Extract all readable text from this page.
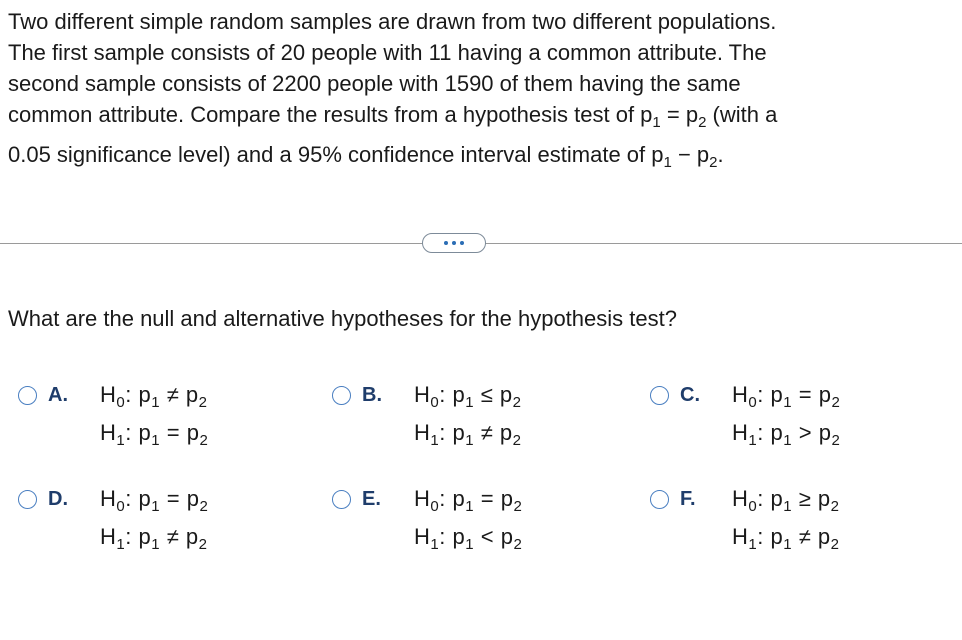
Two different simple random samples are drawn from two different populations.
The first sample consists of 20 people with 11 having a common attribute. The
second sample consists of 2200 people with 1590 of them having the same
common attribute. Compare the results from a hypothesis test of $p_1 = p_2$ (with a
0.05 significance level) and a 95% confidence interval estimate of $p_1 - p_2$.

What are the null and alternative hypotheses for the hypothesis test?

A. $H_0$: $p_1 \ne p_2$
$H_1$: $p_1 = p_2$
B. $H_0$: $p_1 \le p_2$
$H_1$: $p_1 \ne p_2$
C. $H_0$: $p_1 = p_2$
$H_1$: $p_1 > p_2$
D. $H_0$: $p_1 = p_2$
$H_1$: $p_1 \ne p_2$
E. $H_0$: $p_1 = p_2$
$H_1$: $p_1 < p_2$
F. $H_0$: $p_1 \ge p_2$
$H_1$: $p_1 \ne p_2$
